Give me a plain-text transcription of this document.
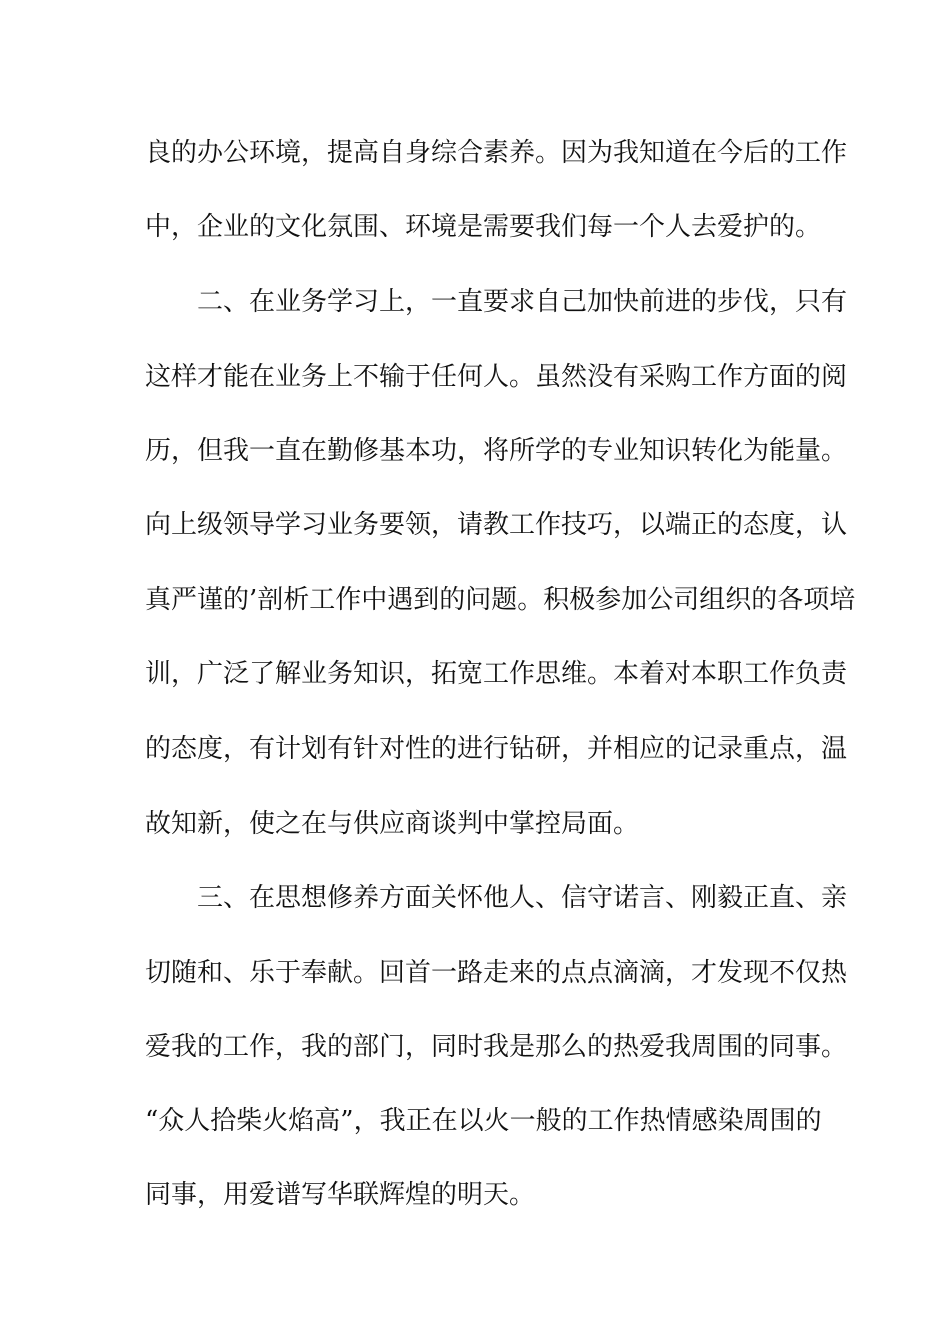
良的办公环境，提高自身综合素养。因为我知道在今后的工作
中，企业的文化氛围、环境是需要我们每一个人去爱护的。
　　二、在业务学习上，一直要求自己加快前进的步伐，只有
这样才能在业务上不输于任何人。虽然没有采购工作方面的阅
历，但我一直在勤修基本功，将所学的专业知识转化为能量。
向上级领导学习业务要领，请教工作技巧，以端正的态度，认
真严谨的’剖析工作中遇到的问题。积极参加公司组织的各项培
训，广泛了解业务知识，拓宽工作思维。本着对本职工作负责
的态度，有计划有针对性的进行钻研，并相应的记录重点，温
故知新，使之在与供应商谈判中掌控局面。
　　三、在思想修养方面关怀他人、信守诺言、刚毅正直、亲
切随和、乐于奉献。回首一路走来的点点滴滴，才发现不仅热
爱我的工作，我的部门，同时我是那么的热爱我周围的同事。
“众人拾柴火焰高”，我正在以火一般的工作热情感染周围的
同事，用爱谱写华联辉煌的明天。
